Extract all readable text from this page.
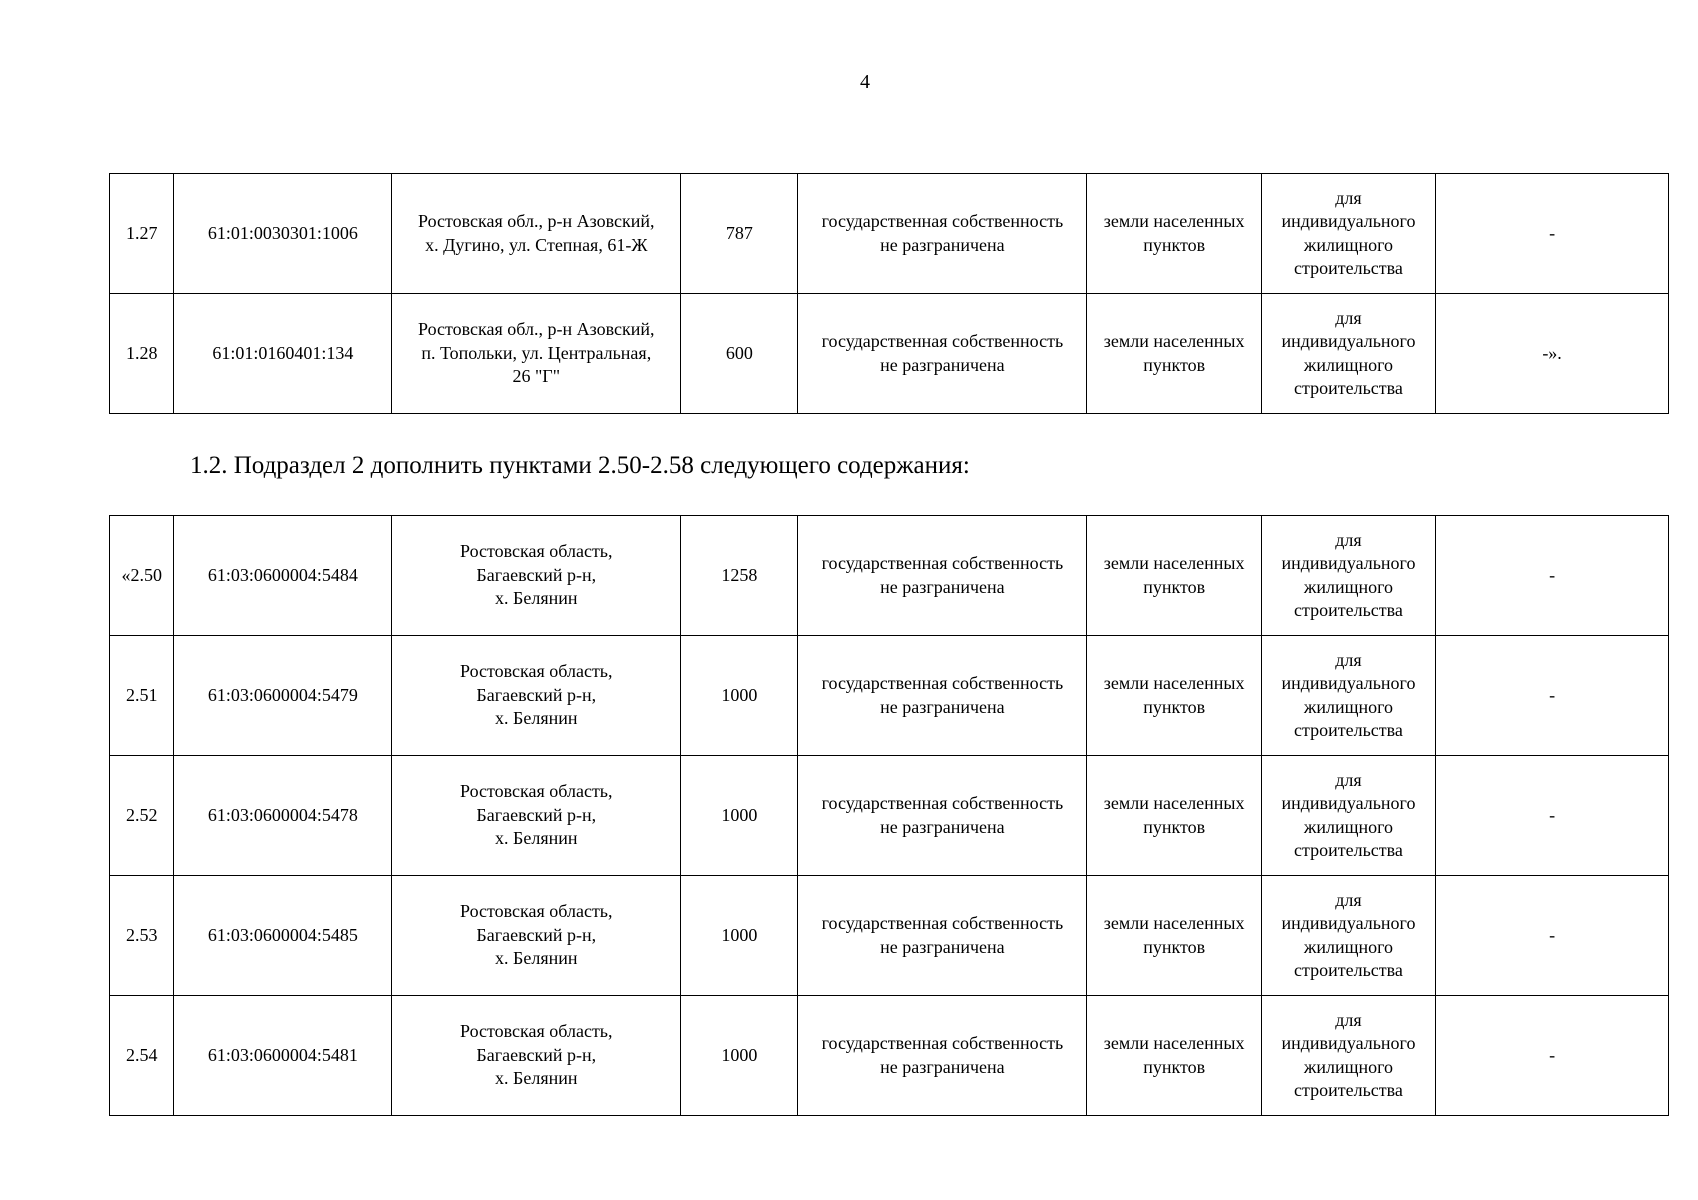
4
1.27	61:01:0030301:1006	Ростовская обл., р-н Азовский,
х. Дугино, ул. Степная, 61-Ж	787	государственная собственность
не разграничена	земли населенных
пунктов	для
индивидуального
жилищного
строительства	-
1.28	61:01:0160401:134	Ростовская обл., р-н Азовский,
п. Топольки, ул. Центральная,
26 "Г"	600	государственная собственность
не разграничена	земли населенных
пунктов	для
индивидуального
жилищного
строительства	-».
1.2. Подраздел 2 дополнить пунктами 2.50-2.58 следующего содержания:
«2.50	61:03:0600004:5484	Ростовская область,
Багаевский р-н,
х. Белянин	1258	государственная собственность
не разграничена	земли населенных
пунктов	для
индивидуального
жилищного
строительства	-
2.51	61:03:0600004:5479	Ростовская область,
Багаевский р-н,
х. Белянин	1000	государственная собственность
не разграничена	земли населенных
пунктов	для
индивидуального
жилищного
строительства	-
2.52	61:03:0600004:5478	Ростовская область,
Багаевский р-н,
х. Белянин	1000	государственная собственность
не разграничена	земли населенных
пунктов	для
индивидуального
жилищного
строительства	-
2.53	61:03:0600004:5485	Ростовская область,
Багаевский р-н,
х. Белянин	1000	государственная собственность
не разграничена	земли населенных
пунктов	для
индивидуального
жилищного
строительства	-
2.54	61:03:0600004:5481	Ростовская область,
Багаевский р-н,
х. Белянин	1000	государственная собственность
не разграничена	земли населенных
пунктов	для
индивидуального
жилищного
строительства	-
